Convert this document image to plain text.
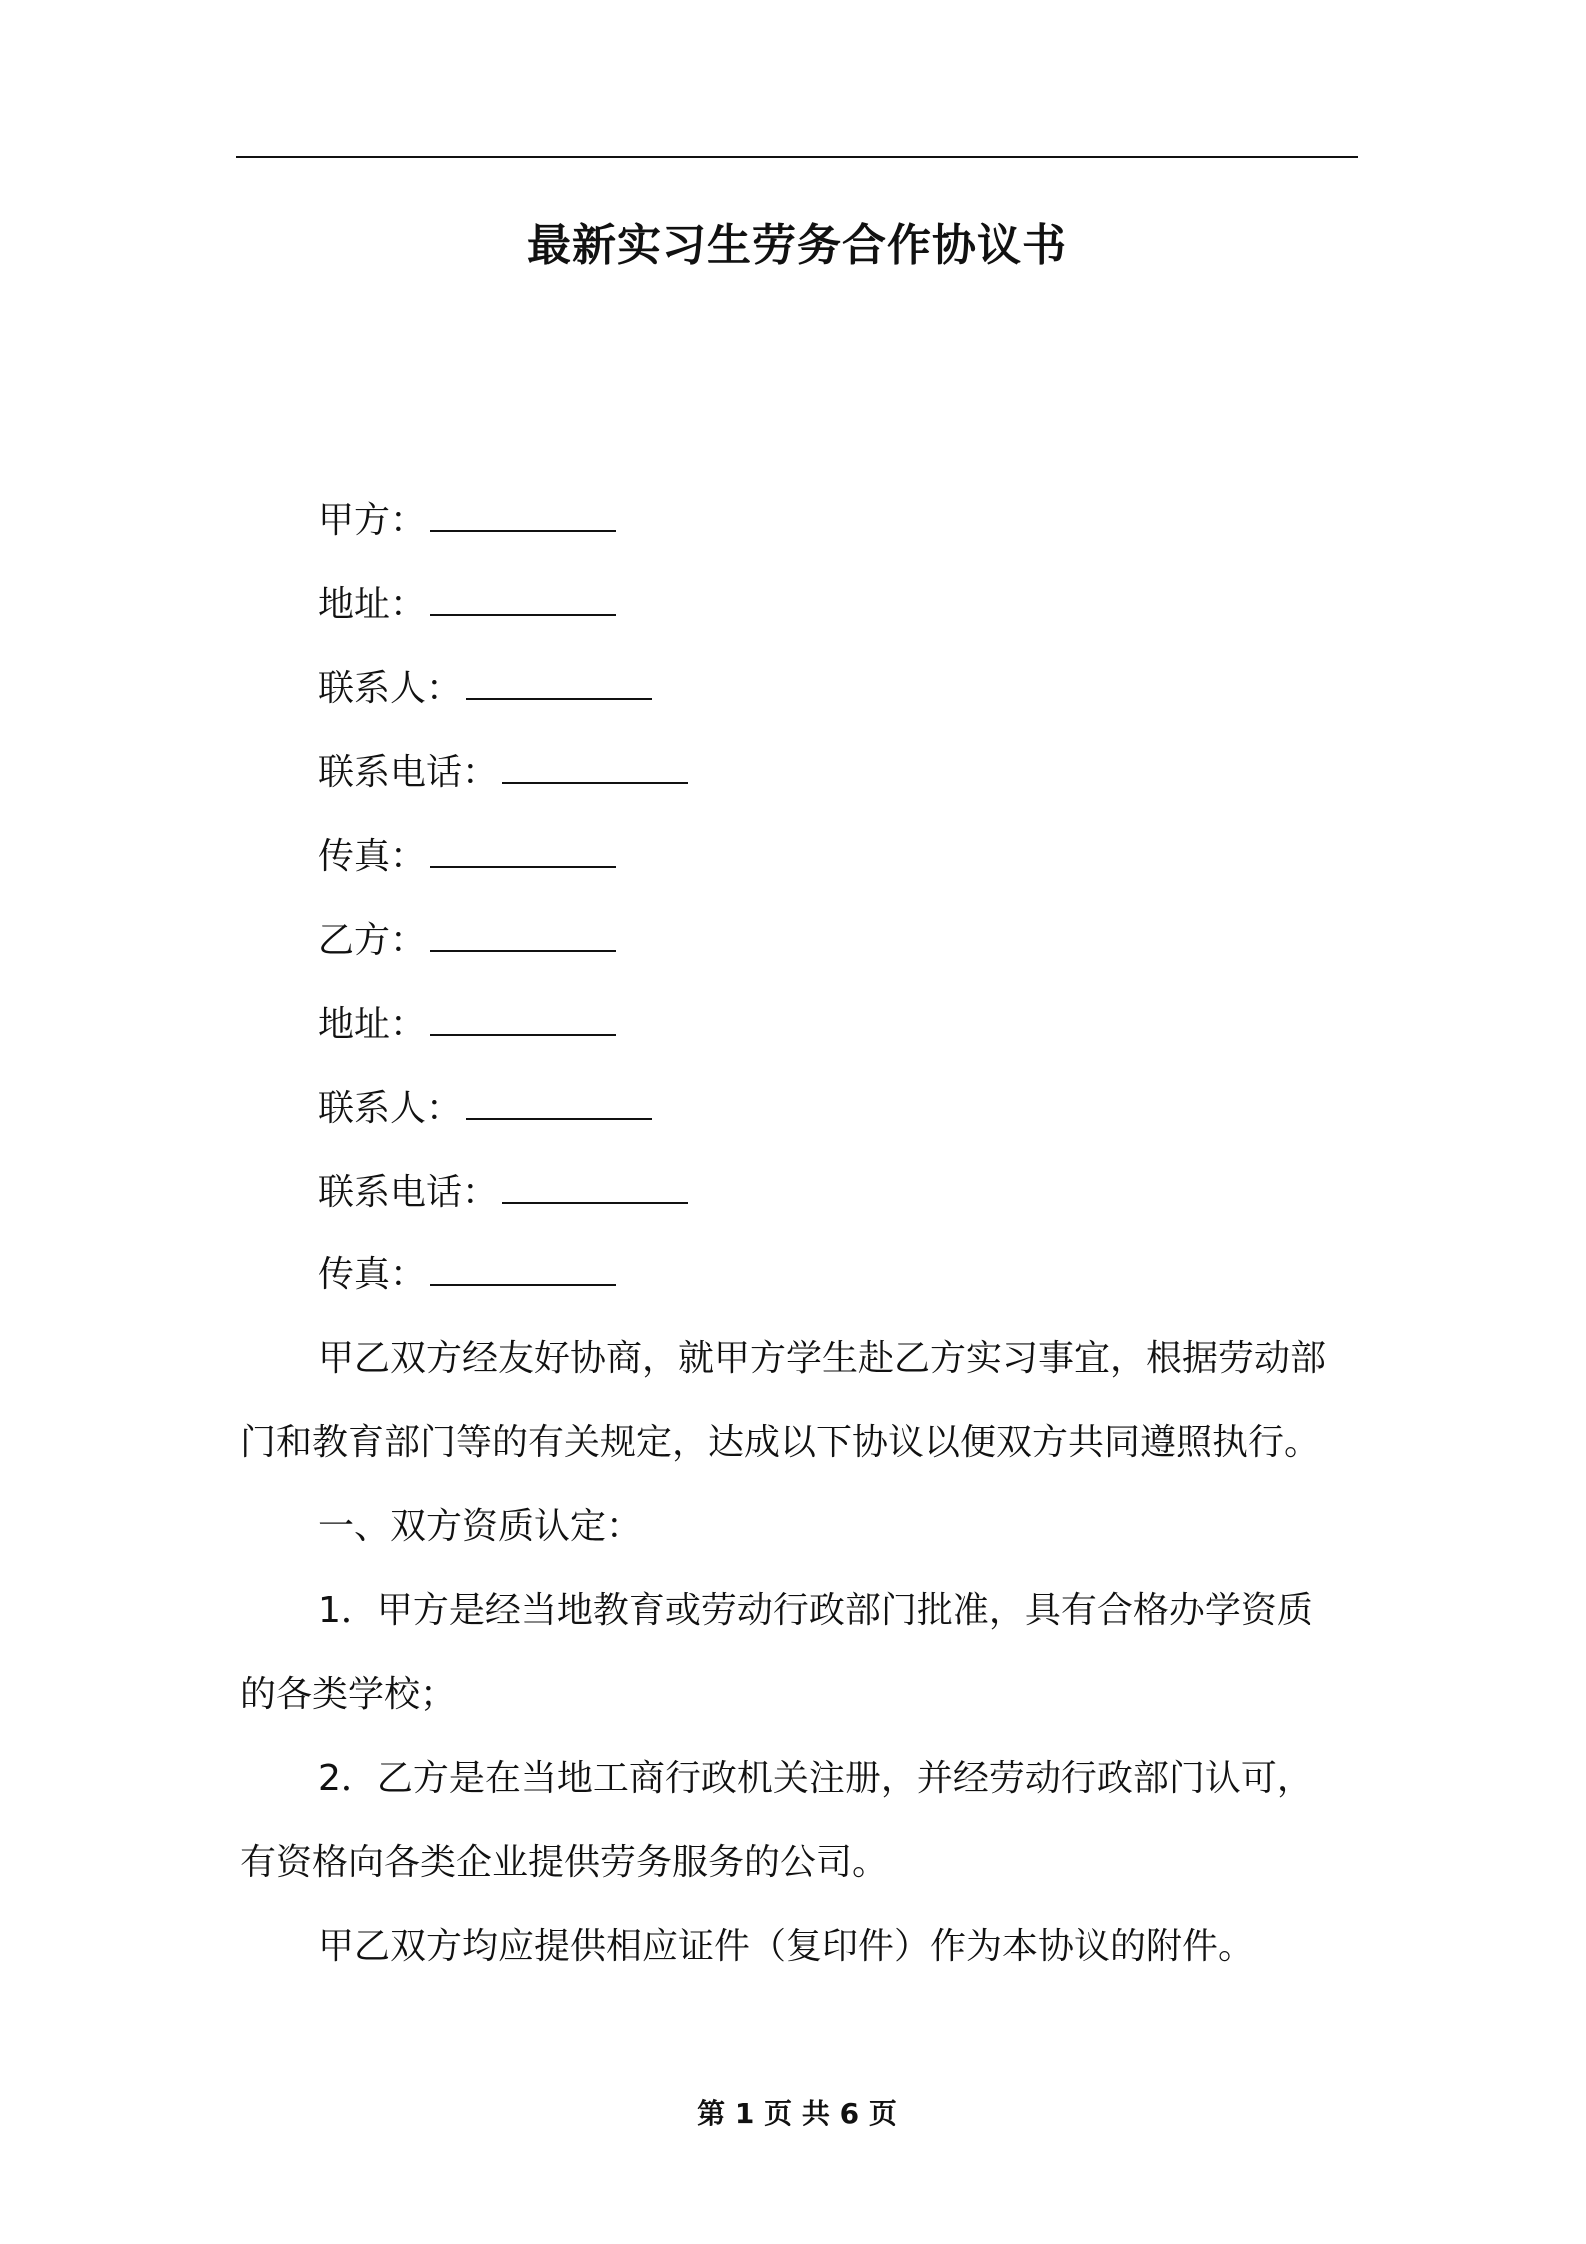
最新实习生劳务合作协议书
甲方：
地址：
联系人：
联系电话：
传真：
乙方：
地址：
联系人：
联系电话：
传真：
甲乙双方经友好协商，就甲方学生赴乙方实习事宜，根据劳动部
门和教育部门等的有关规定，达成以下协议以便双方共同遵照执行。
一、双方资质认定：
1．甲方是经当地教育或劳动行政部门批准，具有合格办学资质
的各类学校；
2．乙方是在当地工商行政机关注册，并经劳动行政部门认可，
有资格向各类企业提供劳务服务的公司。
甲乙双方均应提供相应证件（复印件）作为本协议的附件。
第 1 页 共 6 页
